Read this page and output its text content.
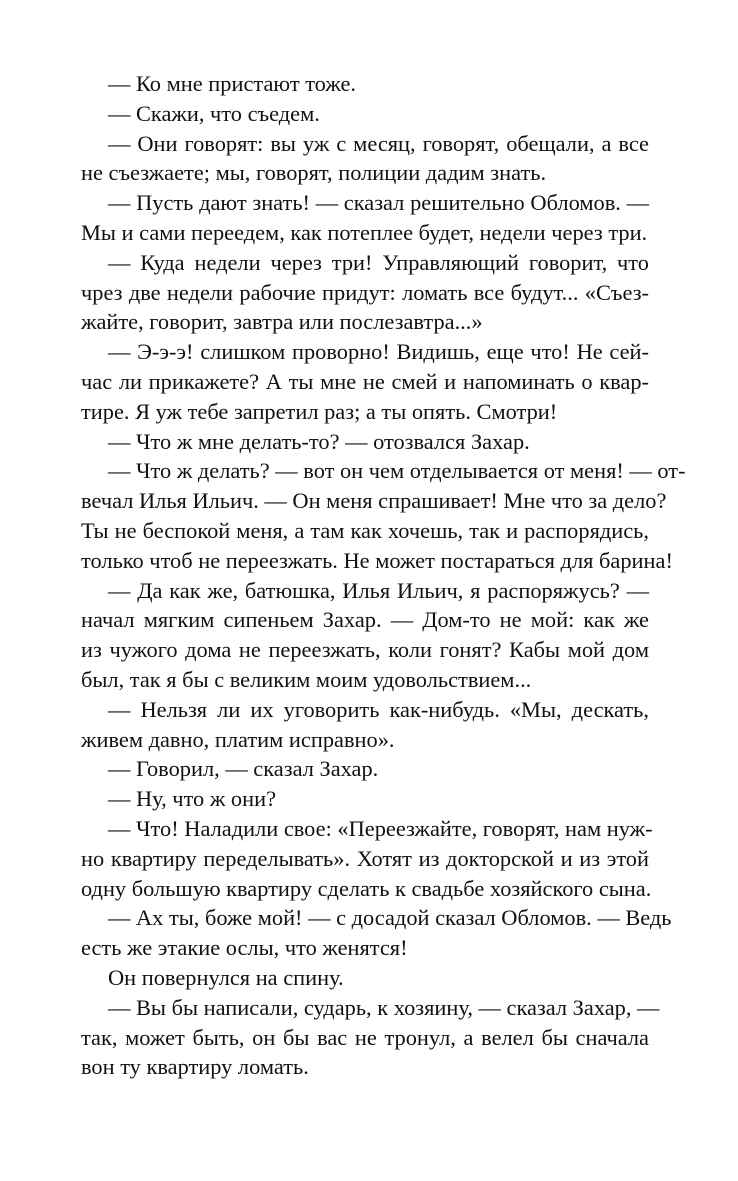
— Ко мне пристают тоже.
— Скажи, что съедем.
— Они говорят: вы уж с месяц, говорят, обещали, а все
не съезжаете; мы, говорят, полиции дадим знать.
— Пусть дают знать! — сказал решительно Обломов. —
Мы и сами переедем, как потеплее будет, недели через три.
— Куда недели через три! Управляющий говорит, что
чрез две недели рабочие придут: ломать все будут... «Съез-
жайте, говорит, завтра или послезавтра...»
— Э-э-э! слишком проворно! Видишь, еще что! Не сей-
час ли прикажете? А ты мне не смей и напоминать о квар-
тире. Я уж тебе запретил раз; а ты опять. Смотри!
— Что ж мне делать-то? — отозвался Захар.
— Что ж делать? — вот он чем отделывается от меня! — от-
вечал Илья Ильич. — Он меня спрашивает! Мне что за дело?
Ты не беспокой меня, а там как хочешь, так и распорядись,
только чтоб не переезжать. Не может постараться для барина!
— Да как же, батюшка, Илья Ильич, я распоряжусь? —
начал мягким сипеньем Захар. — Дом-то не мой: как же
из чужого дома не переезжать, коли гонят? Кабы мой дом
был, так я бы с великим моим удовольствием...
— Нельзя ли их уговорить как-нибудь. «Мы, дескать,
живем давно, платим исправно».
— Говорил, — сказал Захар.
— Ну, что ж они?
— Что! Наладили свое: «Переезжайте, говорят, нам нуж-
но квартиру переделывать». Хотят из докторской и из этой
одну большую квартиру сделать к свадьбе хозяйского сына.
— Ах ты, боже мой! — с досадой сказал Обломов. — Ведь
есть же этакие ослы, что женятся!
Он повернулся на спину.
— Вы бы написали, сударь, к хозяину, — сказал Захар, —
так, может быть, он бы вас не тронул, а велел бы сначала
вон ту квартиру ломать.
